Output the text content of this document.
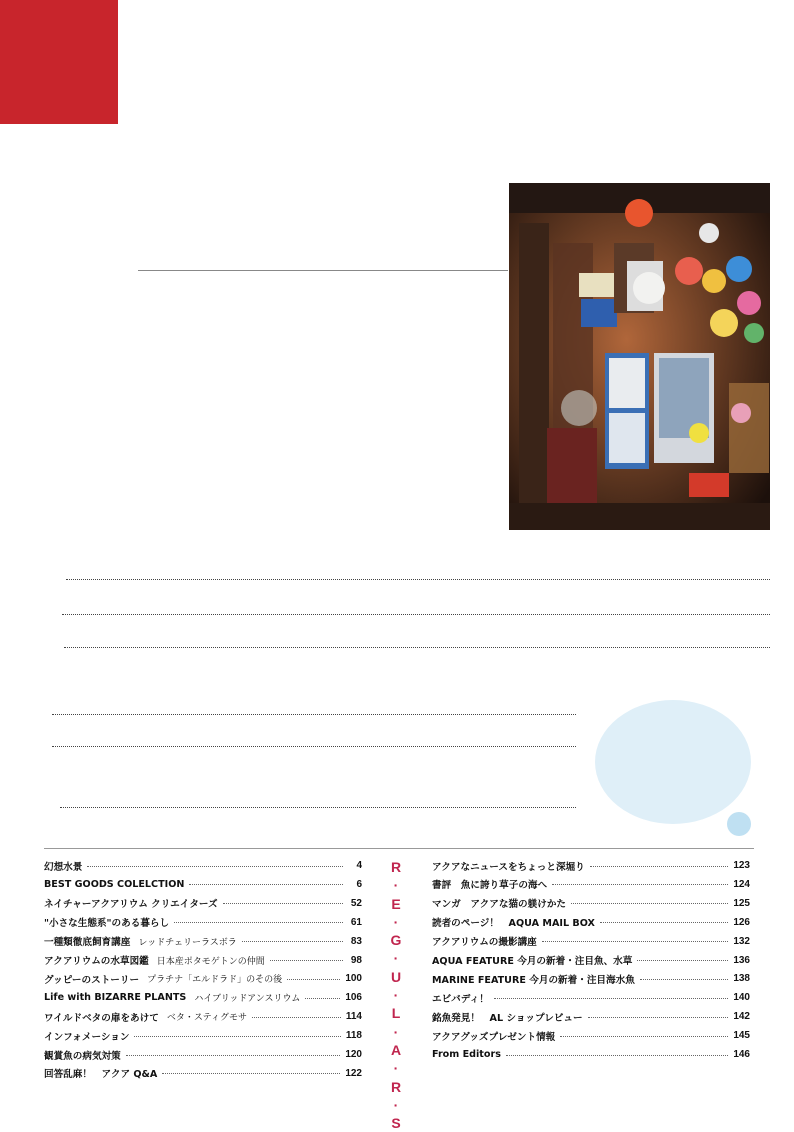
幻想水景	4
BEST GOODS COLELCTION	6
ネイチャーアクアリウム クリエイターズ	52
"小さな生態系"のある暮らし	61
一種類徹底飼育講座 レッドチェリーラスボラ	83
アクアリウムの水草図鑑 日本産ポタモゲトンの仲間	98
グッピーのストーリー プラチナ「エルドラド」のその後	100
Life with BIZARRE PLANTS ハイブリッドアンスリウム	106
ワイルドベタの扉をあけて ベタ・スティグモサ	114
インフォメーション	118
観賞魚の病気対策	120
回答乱麻！　アクア Q&A	122
アクアなニュースをちょっと深堀り	123
書評　魚に誇り草子の海へ	124
マンガ　アクアな猫の躾けかた	125
読者のページ！　AQUA MAIL BOX	126
アクアリウムの撮影講座	132
AQUA FEATURE 今月の新着・注目魚、水草	136
MARINE FEATURE 今月の新着・注目海水魚	138
エビバディ！	140
銘魚発見！　AL ショップレビュー	142
アクアグッズプレゼント情報	145
From Editors	146
R
·
E
·
G
·
U
·
L
·
A
·
R
·
S
